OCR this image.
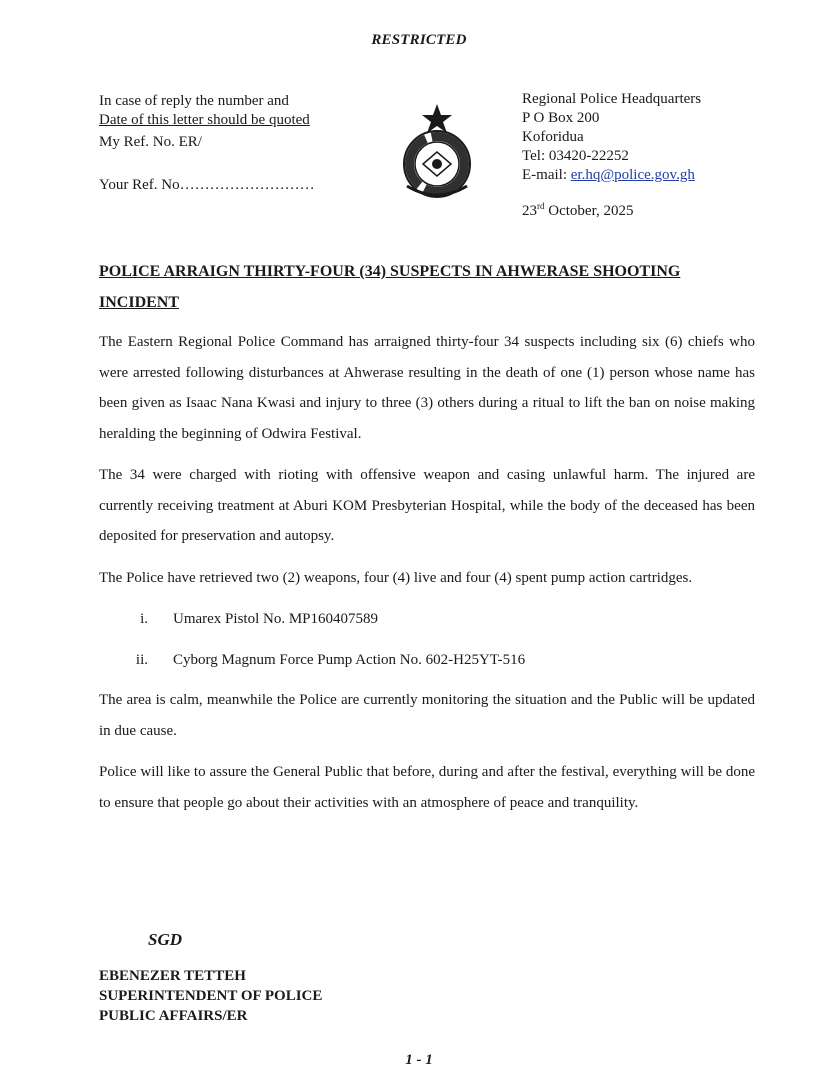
RESTRICTED
In case of reply the number and
Date of this letter should be quoted
My Ref. No. ER/
Your Ref. No………………………
Regional Police Headquarters
P O Box 200
Koforidua
Tel: 03420-22252
E-mail: er.hq@police.gov.gh
23rd October, 2025
POLICE ARRAIGN THIRTY-FOUR (34) SUSPECTS IN AHWERASE SHOOTING INCIDENT

The Eastern Regional Police Command has arraigned thirty-four 34 suspects including six (6) chiefs who were arrested following disturbances at Ahwerase resulting in the death of one (1) person whose name has been given as Isaac Nana Kwasi and injury to three (3) others during a ritual to lift the ban on noise making heralding the beginning of Odwira Festival.

The 34 were charged with rioting with offensive weapon and casing unlawful harm. The injured are currently receiving treatment at Aburi KOM Presbyterian Hospital, while the body of the deceased has been deposited for preservation and autopsy.

The Police have retrieved two (2) weapons, four (4) live and four (4) spent pump action cartridges.

i.	Umarex Pistol No. MP160407589
ii.	Cyborg Magnum Force Pump Action No. 602-H25YT-516

The area is calm, meanwhile the Police are currently monitoring the situation and the Public will be updated in due cause.

Police will like to assure the General Public that before, during and after the festival, everything will be done to ensure that people go about their activities with an atmosphere of peace and tranquility.

SGD
EBENEZER TETTEH
SUPERINTENDENT OF POLICE
PUBLIC AFFAIRS/ER
1 - 1
